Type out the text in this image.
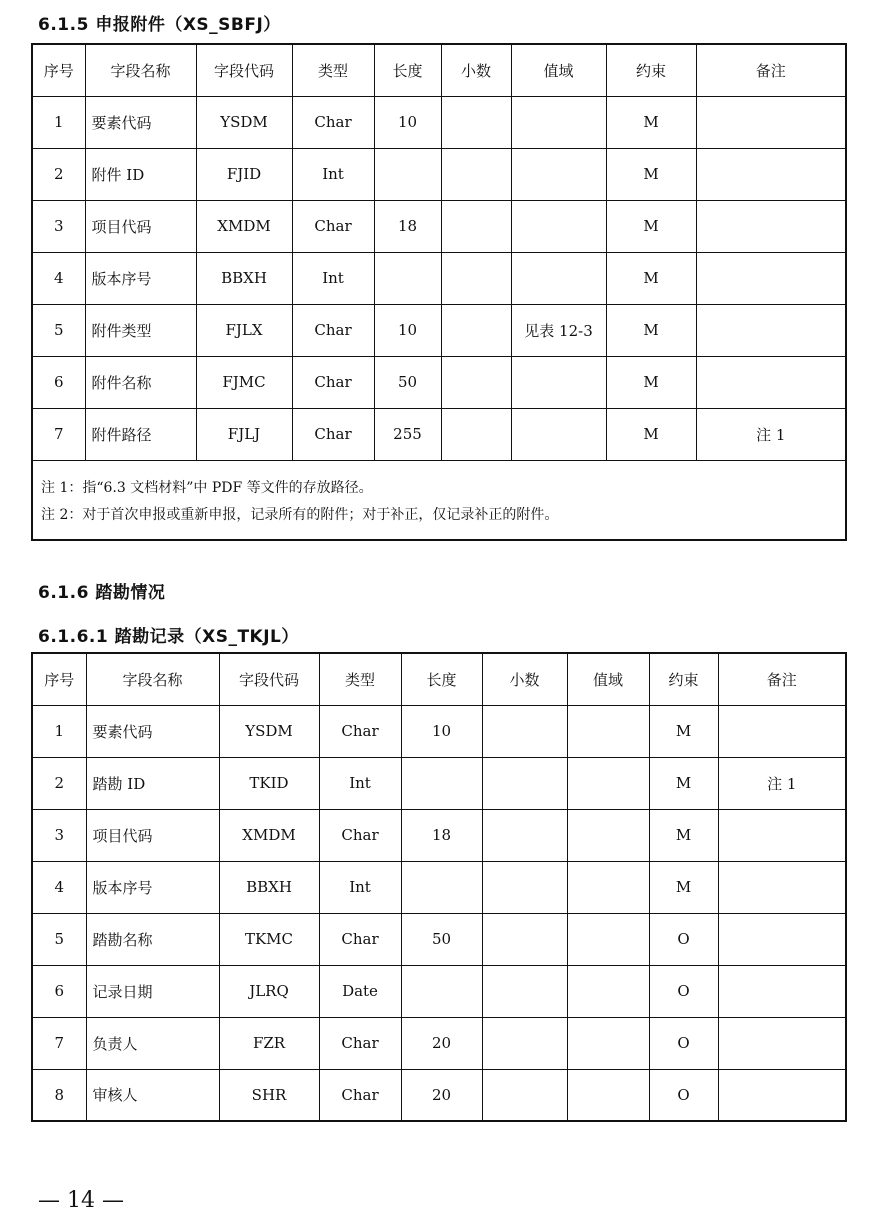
6.1.5 申报附件（XS_SBFJ）
序号	字段名称	字段代码	类型	长度	小数	值域	约束	备注
1	要素代码	YSDM	Char	10			M	
2	附件 ID	FJID	Int				M	
3	项目代码	XMDM	Char	18			M	
4	版本序号	BBXH	Int				M	
5	附件类型	FJLX	Char	10		见表 12-3	M	
6	附件名称	FJMC	Char	50			M	
7	附件路径	FJLJ	Char	255			M	注 1

注 1：指“6.3 文档材料”中 PDF 等文件的存放路径。
注 2：对于首次申报或重新申报，记录所有的附件；对于补正，仅记录补正的附件。								
6.1.6 踏勘情况
6.1.6.1 踏勘记录（XS_TKJL）
序号	字段名称	字段代码	类型	长度	小数	值域	约束	备注
1	要素代码	YSDM	Char	10			M	
2	踏勘 ID	TKID	Int				M	注 1
3	项目代码	XMDM	Char	18			M	
4	版本序号	BBXH	Int				M	
5	踏勘名称	TKMC	Char	50			O	
6	记录日期	JLRQ	Date				O	
7	负责人	FZR	Char	20			O	
8	审核人	SHR	Char	20			O	
— 14 —
